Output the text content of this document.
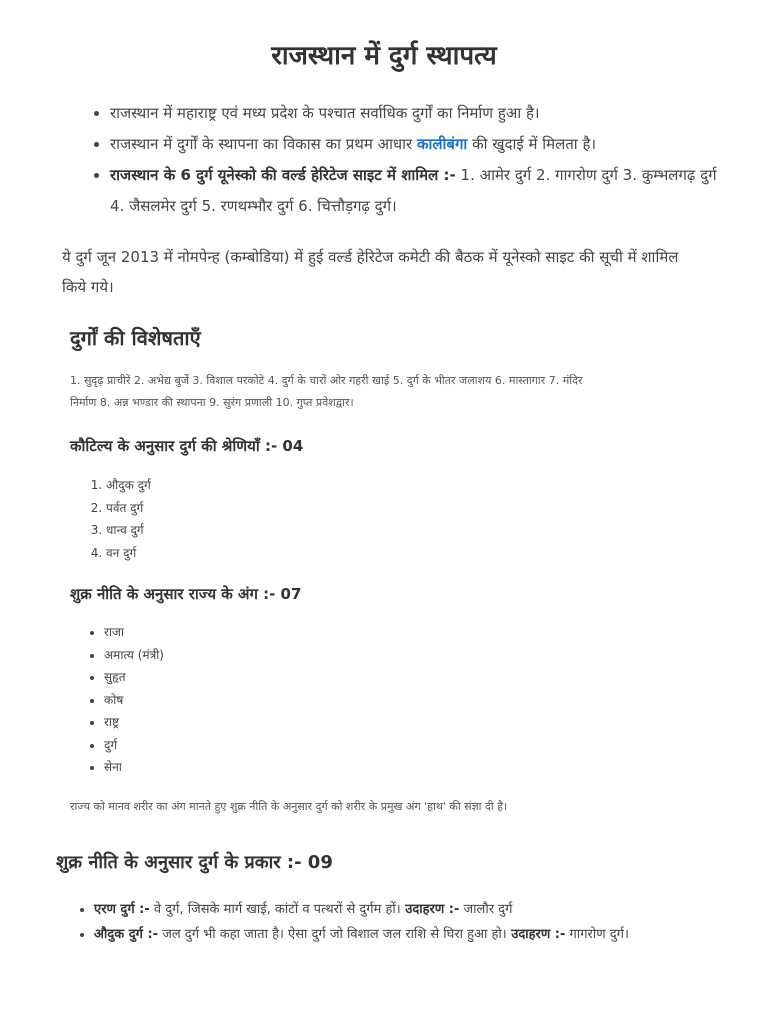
राजस्थान में दुर्ग स्थापत्य
• राजस्थान में महाराष्ट्र एवं मध्य प्रदेश के पश्चात सर्वाधिक दुर्गों का निर्माण हुआ है।
• राजस्थान में दुर्गों के स्थापना का विकास का प्रथम आधार कालीबंगा की खुदाई में मिलता है।
• राजस्थान के 6 दुर्ग यूनेस्को की वर्ल्ड हेरिटेज साइट में शामिल :- 1. आमेर दुर्ग 2. गागरोण दुर्ग 3. कुम्भलगढ़ दुर्ग 4. जैसलमेर दुर्ग 5. रणथम्भौर दुर्ग 6. चित्तौड़गढ़ दुर्ग।

ये दुर्ग जून 2013 में नोमपेन्ह (कम्बोडिया) में हुई वर्ल्ड हेरिटेज कमेटी की बैठक में यूनेस्को साइट की सूची में शामिल किये गये।

दुर्गों की विशेषताएँ

1. सुदृढ़ प्राचीरें 2. अभेद्य बुर्जे 3. विशाल परकोटे 4. दुर्ग के चारों ओर गहरी खाई 5. दुर्ग के भीतर जलाशय 6. मास्तागार 7. मंदिर निर्माण 8. अन्न भण्डार की स्थापना 9. सुरंग प्रणाली 10. गुप्त प्रवेशद्वार।

कौटिल्य के अनुसार दुर्ग की श्रेणियाँ :- 04
1. औदुक दुर्ग
2. पर्वत दुर्ग
3. धान्व दुर्ग
4. वन दुर्ग
शुक्र नीति के अनुसार राज्य के अंग :- 07
• राजा
• अमात्य (मंत्री)
• सुहृत
• कोष
• राष्ट्र
• दुर्ग
• सेना

राज्य को मानव शरीर का अंग मानते हुए शुक्र नीति के अनुसार दुर्ग को शरीर के प्रमुख अंग 'हाथ' की संज्ञा दी है।

शुक्र नीति के अनुसार दुर्ग के प्रकार :- 09
• एरण दुर्ग :- वे दुर्ग, जिसके मार्ग खाई, कांटों व पत्थरों से दुर्गम हों। उदाहरण :- जालौर दुर्ग
• औदुक दुर्ग :- जल दुर्ग भी कहा जाता है। ऐसा दुर्ग जो विशाल जल राशि से घिरा हुआ हो। उदाहरण :- गागरोण दुर्ग।
